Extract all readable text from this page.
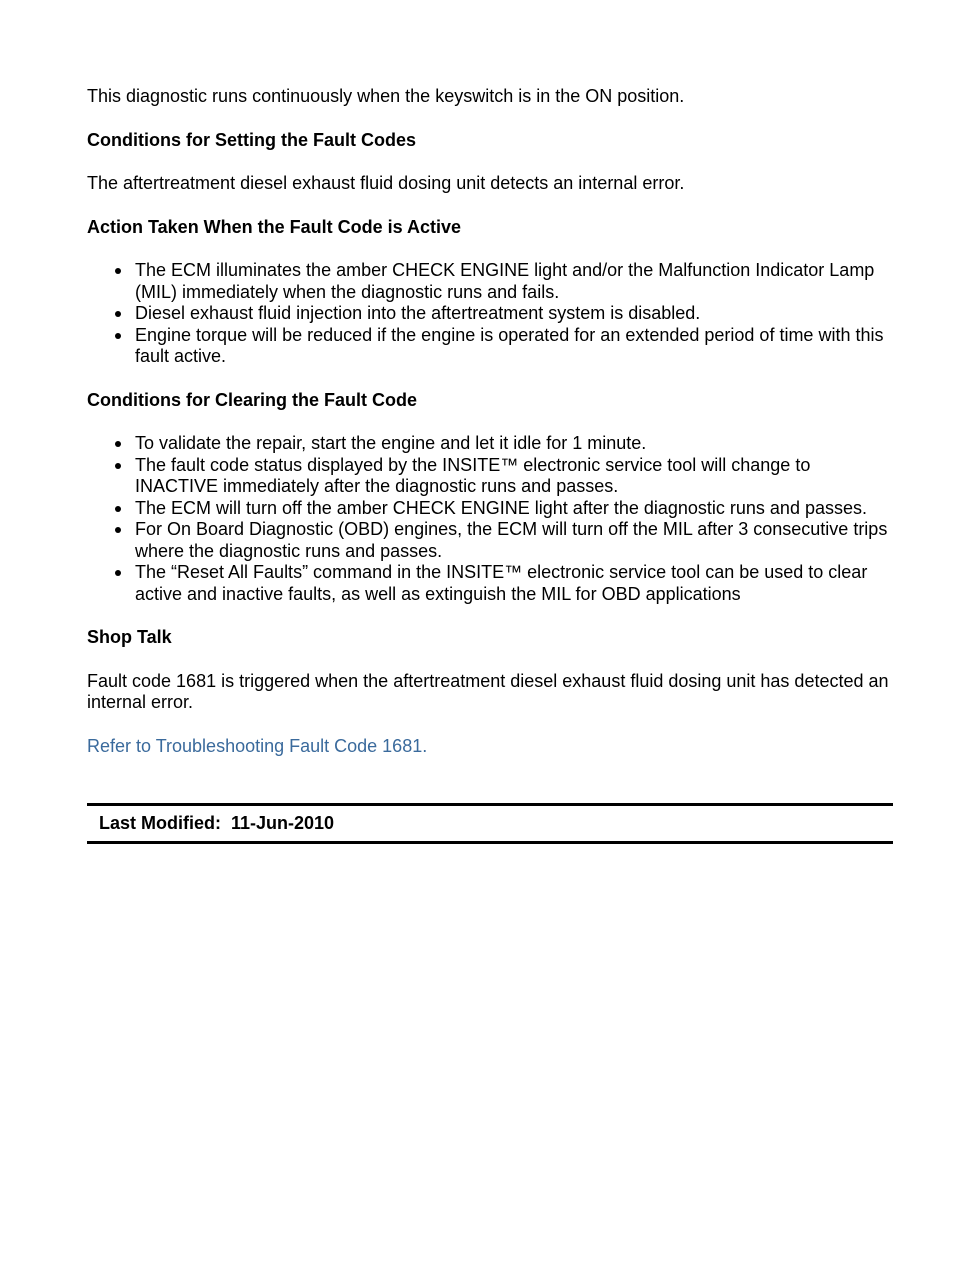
This diagnostic runs continuously when the keyswitch is in the ON position.

Conditions for Setting the Fault Codes

The aftertreatment diesel exhaust fluid dosing unit detects an internal error.

Action Taken When the Fault Code is Active
The ECM illuminates the amber CHECK ENGINE light and/or the Malfunction Indicator Lamp (MIL) immediately when the diagnostic runs and fails.
Diesel exhaust fluid injection into the aftertreatment system is disabled.
Engine torque will be reduced if the engine is operated for an extended period of time with this fault active.
Conditions for Clearing the Fault Code
To validate the repair, start the engine and let it idle for 1 minute.
The fault code status displayed by the INSITE™ electronic service tool will change to INACTIVE immediately after the diagnostic runs and passes.
The ECM will turn off the amber CHECK ENGINE light after the diagnostic runs and passes.
For On Board Diagnostic (OBD) engines, the ECM will turn off the MIL after 3 consecutive trips where the diagnostic runs and passes.
The “Reset All Faults” command in the INSITE™ electronic service tool can be used to clear active and inactive faults, as well as extinguish the MIL for OBD applications
Shop Talk

Fault code 1681 is triggered when the aftertreatment diesel exhaust fluid dosing unit has detected an internal error.

Refer to Troubleshooting Fault Code 1681.

Last Modified:  11-Jun-2010
